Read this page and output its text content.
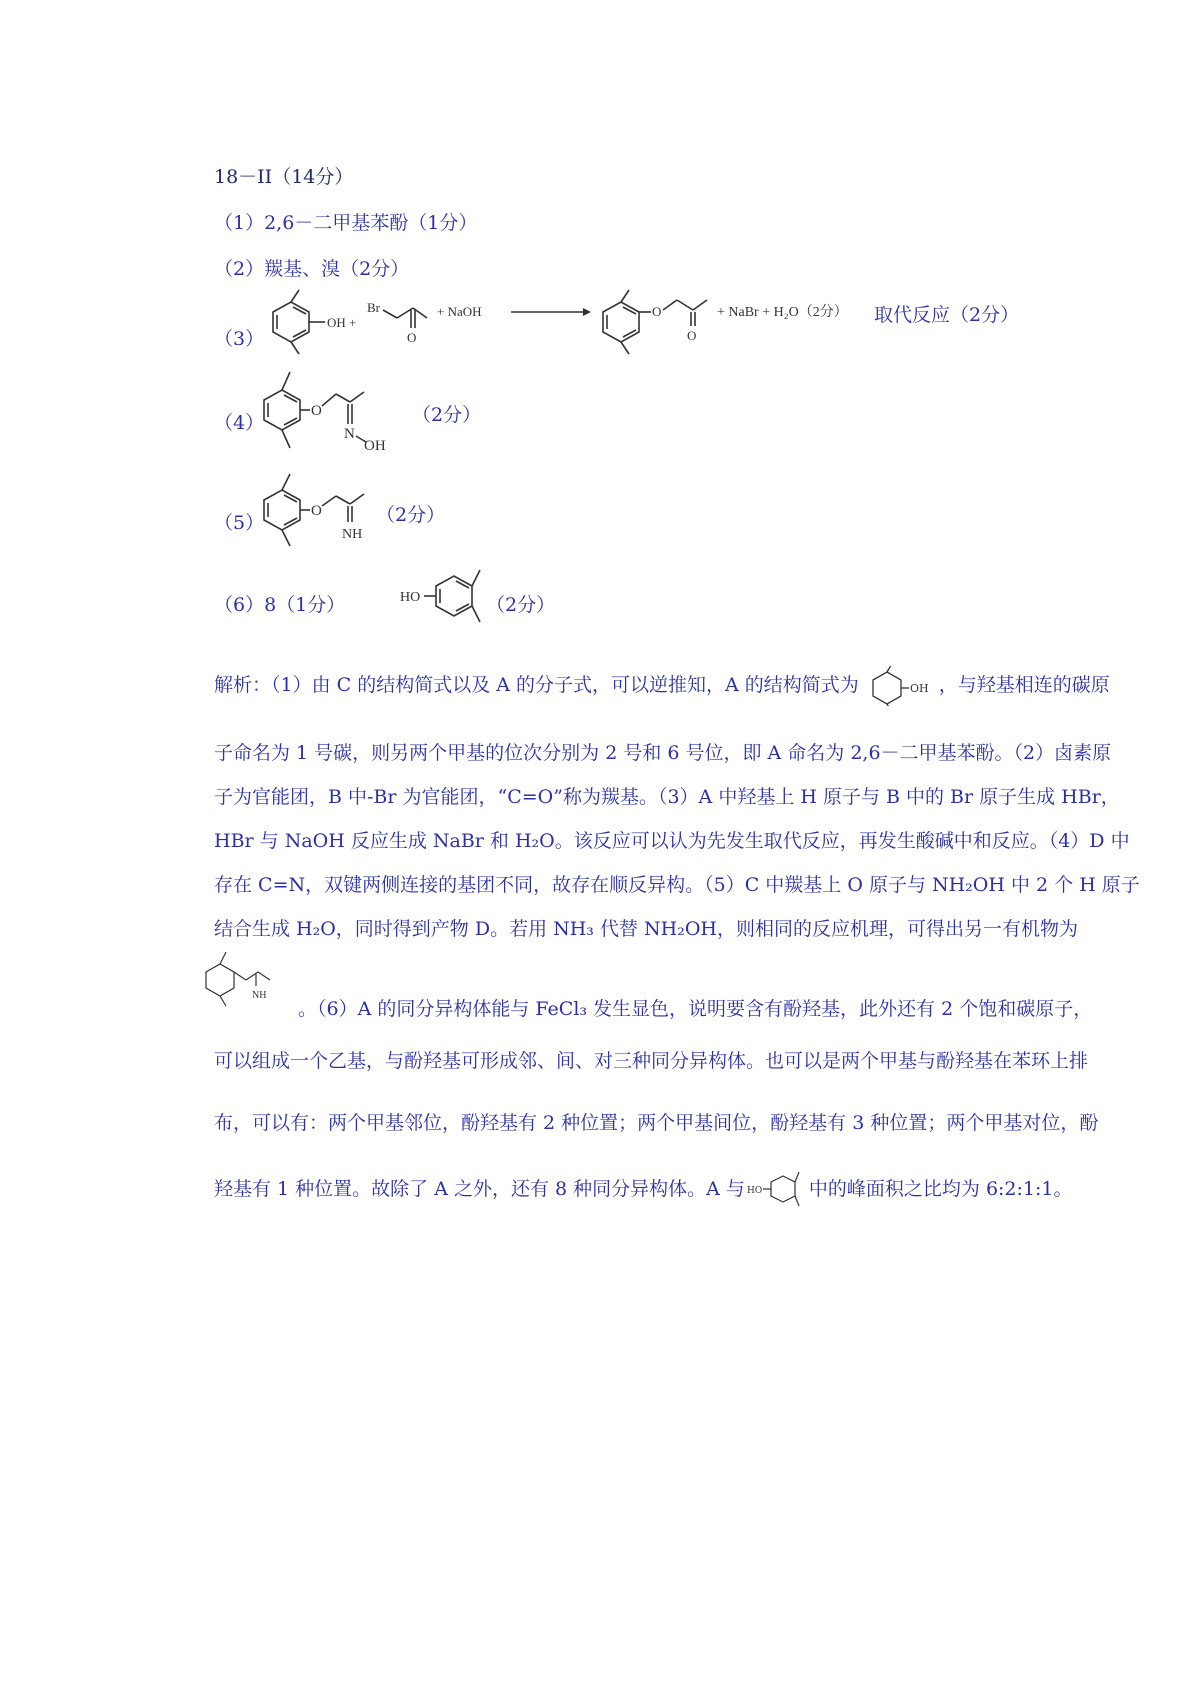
18－II（14分）
（1）2,6－二甲基苯酚（1分）
（2）羰基、溴（2分）
（3）
OH +
Br
O
+ NaOH	O
O
+ NaBr + H₂O（2分） 取代反应（2分）
（4）
O
N
OH
（2分）
（5）
O
NH
（2分）
（6）8（1分）	HO	（2分）
解析：（1）由 C 的结构简式以及 A 的分子式，可以逆推知，A 的结构简式为	OH ，与羟基相连的碳原
子命名为 1 号碳，则另两个甲基的位次分别为 2 号和 6 号位，即 A 命名为 2,6－二甲基苯酚。（2）卤素原
子为官能团，B 中-Br 为官能团，“C=O”称为羰基。（3）A 中羟基上 H 原子与 B 中的 Br 原子生成 HBr，
HBr 与 NaOH 反应生成 NaBr 和 H₂O。该反应可以认为先发生取代反应，再发生酸碱中和反应。（4）D 中
存在 C=N，双键两侧连接的基团不同，故存在顺反异构。（5）C 中羰基上 O 原子与 NH₂OH 中 2 个 H 原子
结合生成 H₂O，同时得到产物 D。若用 NH₃ 代替 NH₂OH，则相同的反应机理，可得出另一有机物为
NH
。（6）A 的同分异构体能与 FeCl₃ 发生显色，说明要含有酚羟基，此外还有 2 个饱和碳原子，
可以组成一个乙基，与酚羟基可形成邻、间、对三种同分异构体。也可以是两个甲基与酚羟基在苯环上排
布，可以有：两个甲基邻位，酚羟基有 2 种位置；两个甲基间位，酚羟基有 3 种位置；两个甲基对位，酚
羟基有 1 种位置。故除了 A 之外，还有 8 种同分异构体。A 与 HO 中的峰面积之比均为 6:2:1:1。
